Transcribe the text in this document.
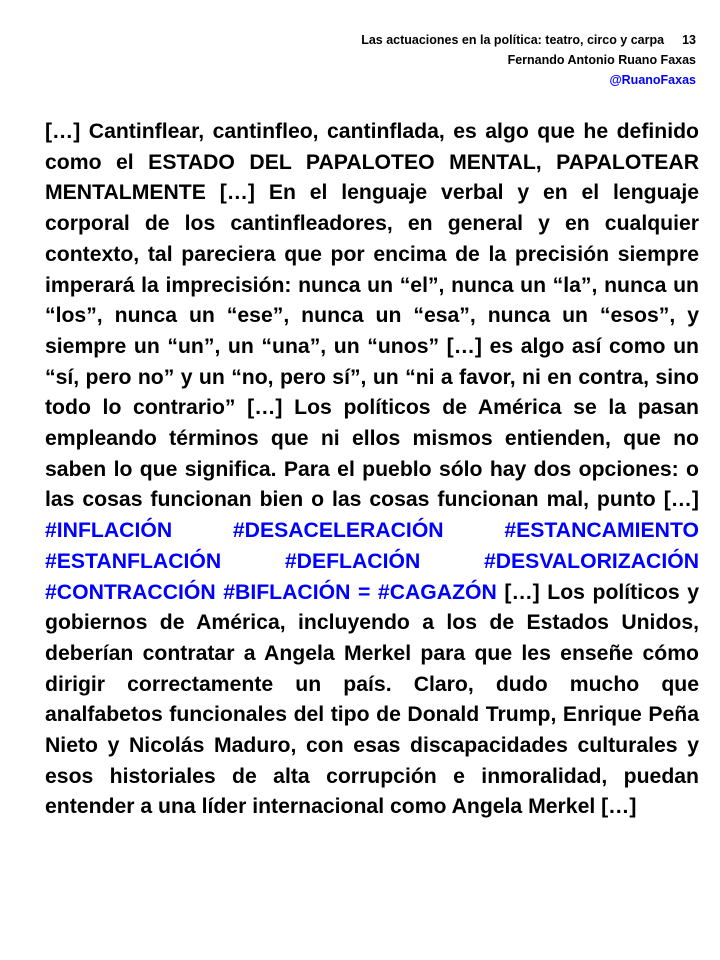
Las actuaciones en la política: teatro, circo y carpa 13
Fernando Antonio Ruano Faxas
@RuanoFaxas

[…] Cantinflear, cantinfleo, cantinflada, es algo que he definido como el ESTADO DEL PAPALOTEO MENTAL, PAPALOTEAR MENTALMENTE […] En el lenguaje verbal y en el lenguaje corporal de los cantinfleadores, en general y en cualquier contexto, tal pareciera que por encima de la precisión siempre imperará la imprecisión: nunca un “el”, nunca un “la”, nunca un “los”, nunca un “ese”, nunca un “esa”, nunca un “esos”, y siempre un “un”, un “una”, un “unos” […] es algo así como un “sí, pero no” y un “no, pero sí”, un “ni a favor, ni en contra, sino todo lo contrario” […] Los políticos de América se la pasan empleando términos que ni ellos mismos entienden, que no saben lo que significa. Para el pueblo sólo hay dos opciones: o las cosas funcionan bien o las cosas funcionan mal, punto […] #INFLACIÓN	#DESACELERACIÓN	#ESTANCAMIENTO #ESTANFLACIÓN	#DEFLACIÓN	#DESVALORIZACIÓN #CONTRACCIÓN #BIFLACIÓN = #CAGAZÓN […] Los políticos y gobiernos de América, incluyendo a los de Estados Unidos, deberían contratar a Angela Merkel para que les enseñe cómo dirigir correctamente un país. Claro, dudo mucho que analfabetos funcionales del tipo de Donald Trump, Enrique Peña Nieto y Nicolás Maduro, con esas discapacidades culturales y esos historiales de alta corrupción e inmoralidad, puedan entender a una líder internacional como Angela Merkel […]
